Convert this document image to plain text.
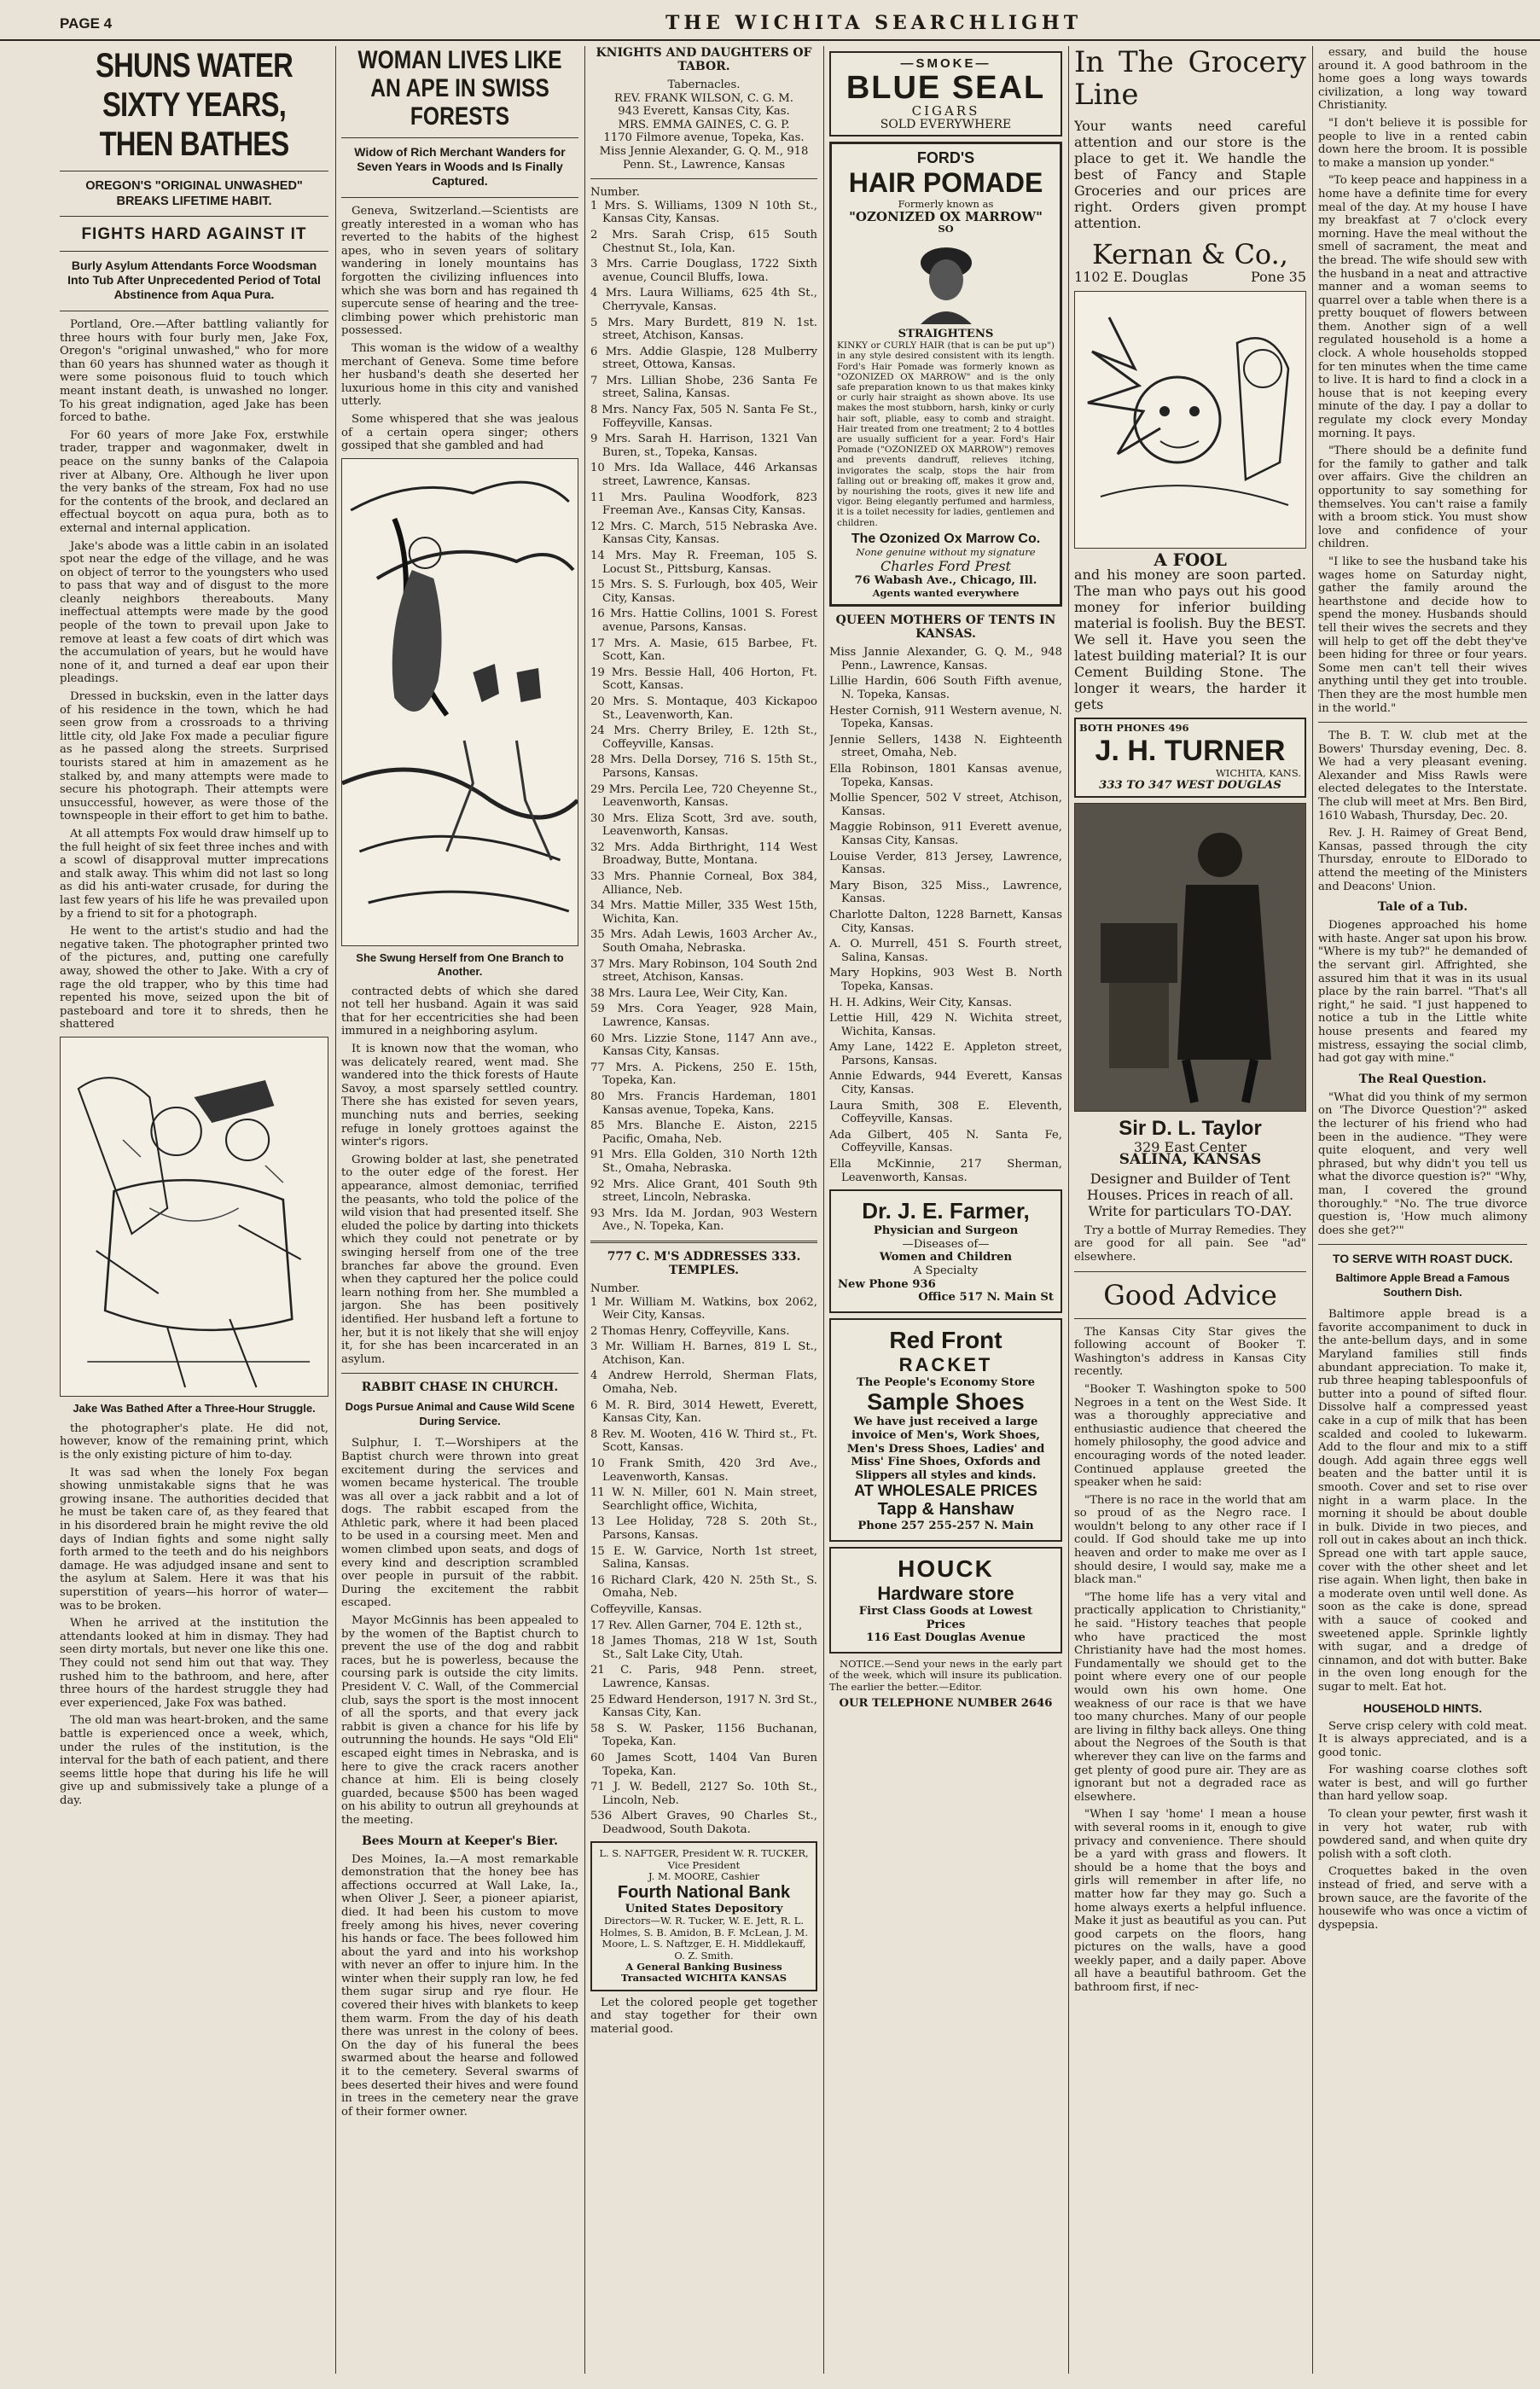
PAGE 4	THE WICHITA SEARCHLIGHT
SHUNS WATER SIXTY YEARS, THEN BATHES
OREGON'S "ORIGINAL UNWASHED" BREAKS LIFETIME HABIT.
FIGHTS HARD AGAINST IT
Burly Asylum Attendants Force Woodsman Into Tub After Unprecedented Period of Total Abstinence from Aqua Pura.

Portland, Ore.—After battling valiantly for three hours with four burly men, Jake Fox, Oregon's "original unwashed," who for more than 60 years has shunned water as though it were some poisonous fluid to touch which meant instant death, is unwashed no longer. To his great indignation, aged Jake has been forced to bathe.

For 60 years of more Jake Fox, erstwhile trader, trapper and wagonmaker, dwelt in peace on the sunny banks of the Calapoia river at Albany, Ore. Although he liver upon the very banks of the stream, Fox had no use for the contents of the brook, and declared an effectual boycott on aqua pura, both as to external and internal application.

Jake's abode was a little cabin in an isolated spot near the edge of the village, and he was on object of terror to the youngsters who used to pass that way and of disgust to the more cleanly neighbors thereabouts. Many ineffectual attempts were made by the good people of the town to prevail upon Jake to remove at least a few coats of dirt which was the accumulation of years, but he would have none of it, and turned a deaf ear upon their pleadings.

Dressed in buckskin, even in the latter days of his residence in the town, which he had seen grow from a crossroads to a thriving little city, old Jake Fox made a peculiar figure as he passed along the streets. Surprised tourists stared at him in amazement as he stalked by, and many attempts were made to secure his photograph. Their attempts were unsuccessful, however, as were those of the townspeople in their effort to get him to bathe.

At all attempts Fox would draw himself up to the full height of six feet three inches and with a scowl of disapproval mutter imprecations and stalk away. This whim did not last so long as did his anti-water crusade, for during the last few years of his life he was prevailed upon by a friend to sit for a photograph.

He went to the artist's studio and had the negative taken. The photographer printed two of the pictures, and, putting one carefully away, showed the other to Jake. With a cry of rage the old trapper, who by this time had repented his move, seized upon the bit of pasteboard and tore it to shreds, then he shattered

Jake Was Bathed After a Three-Hour Struggle.

the photographer's plate. He did not, however, know of the remaining print, which is the only existing picture of him to-day.

It was sad when the lonely Fox began showing unmistakable signs that he was growing insane. The authorities decided that he must be taken care of, as they feared that in his disordered brain he might revive the old days of Indian fights and some night sally forth armed to the teeth and do his neighbors damage. He was adjudged insane and sent to the asylum at Salem. Here it was that his superstition of years—his horror of water—was to be broken.

When he arrived at the institution the attendants looked at him in dismay. They had seen dirty mortals, but never one like this one. They could not send him out that way. They rushed him to the bathroom, and here, after three hours of the hardest struggle they had ever experienced, Jake Fox was bathed.

The old man was heart-broken, and the same battle is experienced once a week, which, under the rules of the institution, is the interval for the bath of each patient, and there seems little hope that during his life he will give up and submissively take a plunge of a day.

WOMAN LIVES LIKE AN APE IN SWISS FORESTS
Widow of Rich Merchant Wanders for Seven Years in Woods and Is Finally Captured.

Geneva, Switzerland.—Scientists are greatly interested in a woman who has reverted to the habits of the highest apes, who in seven years of solitary wandering in lonely mountains has forgotten the civilizing influences into which she was born and has regained th supercute sense of hearing and the tree-climbing power which prehistoric man possessed.

This woman is the widow of a wealthy merchant of Geneva. Some time before her husband's death she deserted her luxurious home in this city and vanished utterly.

Some whispered that she was jealous of a certain opera singer; others gossiped that she gambled and had

She Swung Herself from One Branch to Another.

contracted debts of which she dared not tell her husband. Again it was said that for her eccentricities she had been immured in a neighboring asylum.

It is known now that the woman, who was delicately reared, went mad. She wandered into the thick forests of Haute Savoy, a most sparsely settled country. There she has existed for seven years, munching nuts and berries, seeking refuge in lonely grottoes against the winter's rigors.

Growing bolder at last, she penetrated to the outer edge of the forest. Her appearance, almost demoniac, terrified the peasants, who told the police of the wild vision that had presented itself. She eluded the police by darting into thickets which they could not penetrate or by swinging herself from one of the tree branches far above the ground. Even when they captured her the police could learn nothing from her. She mumbled a jargon. She has been positively identified. Her husband left a fortune to her, but it is not likely that she will enjoy it, for she has been incarcerated in an asylum.

RABBIT CHASE IN CHURCH.
Dogs Pursue Animal and Cause Wild Scene During Service.

Sulphur, I. T.—Worshipers at the Baptist church were thrown into great excitement during the services and women became hysterical. The trouble was all over a jack rabbit and a lot of dogs. The rabbit escaped from the Athletic park, where it had been placed to be used in a coursing meet. Men and women climbed upon seats, and dogs of every kind and description scrambled over people in pursuit of the rabbit. During the excitement the rabbit escaped.

Mayor McGinnis has been appealed to by the women of the Baptist church to prevent the use of the dog and rabbit races, but he is powerless, because the coursing park is outside the city limits. President V. C. Wall, of the Commercial club, says the sport is the most innocent of all the sports, and that every jack rabbit is given a chance for his life by outrunning the hounds. He says "Old Eli" escaped eight times in Nebraska, and is here to give the crack racers another chance at him. Eli is being closely guarded, because $500 has been waged on his ability to outrun all greyhounds at the meeting.

Bees Mourn at Keeper's Bier.

Des Moines, Ia.—A most remarkable demonstration that the honey bee has affections occurred at Wall Lake, Ia., when Oliver J. Seer, a pioneer apiarist, died. It had been his custom to move freely among his hives, never covering his hands or face. The bees followed him about the yard and into his workshop with never an offer to injure him. In the winter when their supply ran low, he fed them sugar sirup and rye flour. He covered their hives with blankets to keep them warm. From the day of his death there was unrest in the colony of bees. On the day of his funeral the bees swarmed about the hearse and followed it to the cemetery. Several swarms of bees deserted their hives and were found in trees in the cemetery near the grave of their former owner.

KNIGHTS AND DAUGHTERS OF TABOR.
Tabernacles.
REV. FRANK WILSON, C. G. M.
943 Everett, Kansas City, Kas.
MRS. EMMA GAINES, C. G. P.
1170 Filmore avenue, Topeka, Kas.
Miss Jennie Alexander, G. Q. M., 918 Penn. St., Lawrence, Kansas
Number.
1 Mrs. S. Williams, 1309 N 10th St., Kansas City, Kansas.
2 Mrs. Sarah Crisp, 615 South Chestnut St., Iola, Kan.
3 Mrs. Carrie Douglass, 1722 Sixth avenue, Council Bluffs, Iowa.
4 Mrs. Laura Williams, 625 4th St., Cherryvale, Kansas.
5 Mrs. Mary Burdett, 819 N. 1st. street, Atchison, Kansas.
6 Mrs. Addie Glaspie, 128 Mulberry street, Ottowa, Kansas.
7 Mrs. Lillian Shobe, 236 Santa Fe street, Salina, Kansas.
8 Mrs. Nancy Fax, 505 N. Santa Fe St., Foffeyville, Kansas.
9 Mrs. Sarah H. Harrison, 1321 Van Buren, st., Topeka, Kansas.
10 Mrs. Ida Wallace, 446 Arkansas street, Lawrence, Kansas.
11 Mrs. Paulina Woodfork, 823 Freeman Ave., Kansas City, Kansas.
12 Mrs. C. March, 515 Nebraska Ave. Kansas City, Kansas.
14 Mrs. May R. Freeman, 105 S. Locust St., Pittsburg, Kansas.
15 Mrs. S. S. Furlough, box 405, Weir City, Kansas.
16 Mrs. Hattie Collins, 1001 S. Forest avenue, Parsons, Kansas.
17 Mrs. A. Masie, 615 Barbee, Ft. Scott, Kan.
19 Mrs. Bessie Hall, 406 Horton, Ft. Scott, Kansas.
20 Mrs. S. Montaque, 403 Kickapoo St., Leavenworth, Kan.
24 Mrs. Cherry Briley, E. 12th St., Coffeyville, Kansas.
28 Mrs. Della Dorsey, 716 S. 15th St., Parsons, Kansas.
29 Mrs. Percila Lee, 720 Cheyenne St., Leavenworth, Kansas.
30 Mrs. Eliza Scott, 3rd ave. south, Leavenworth, Kansas.
32 Mrs. Adda Birthright, 114 West Broadway, Butte, Montana.
33 Mrs. Phannie Corneal, Box 384, Alliance, Neb.
34 Mrs. Mattie Miller, 335 West 15th, Wichita, Kan.
35 Mrs. Adah Lewis, 1603 Archer Av., South Omaha, Nebraska.
37 Mrs. Mary Robinson, 104 South 2nd street, Atchison, Kansas.
38 Mrs. Laura Lee, Weir City, Kan.
59 Mrs. Cora Yeager, 928 Main, Lawrence, Kansas.
60 Mrs. Lizzie Stone, 1147 Ann ave., Kansas City, Kansas.
77 Mrs. A. Pickens, 250 E. 15th, Topeka, Kan.
80 Mrs. Francis Hardeman, 1801 Kansas avenue, Topeka, Kans.
85 Mrs. Blanche E. Aiston, 2215 Pacific, Omaha, Neb.
91 Mrs. Ella Golden, 310 North 12th St., Omaha, Nebraska.
92 Mrs. Alice Grant, 401 South 9th street, Lincoln, Nebraska.
93 Mrs. Ida M. Jordan, 903 Western Ave., N. Topeka, Kan.
777 C. M'S ADDRESSES 333. TEMPLES.
Number.
1 Mr. William M. Watkins, box 2062, Weir City, Kansas.
2 Thomas Henry, Coffeyville, Kans.
3 Mr. William H. Barnes, 819 L St., Atchison, Kan.
4 Andrew Herrold, Sherman Flats, Omaha, Neb.
6 M. R. Bird, 3014 Hewett, Everett, Kansas City, Kan.
8 Rev. M. Wooten, 416 W. Third st., Ft. Scott, Kansas.
10 Frank Smith, 420 3rd Ave., Leavenworth, Kansas.
11 W. N. Miller, 601 N. Main street, Searchlight office, Wichita,
13 Lee Holiday, 728 S. 20th St., Parsons, Kansas.
15 E. W. Garvice, North 1st street, Salina, Kansas.
16 Richard Clark, 420 N. 25th St., S. Omaha, Neb.
Coffeyville, Kansas.
17 Rev. Allen Garner, 704 E. 12th st.,
18 James Thomas, 218 W 1st, South St., Salt Lake City, Utah.
21 C. Paris, 948 Penn. street, Lawrence, Kansas.
25 Edward Henderson, 1917 N. 3rd St., Kansas City, Kan.
58 S. W. Pasker, 1156 Buchanan, Topeka, Kan.
60 James Scott, 1404 Van Buren Topeka, Kan.
71 J. W. Bedell, 2127 So. 10th St., Lincoln, Neb.
536 Albert Graves, 90 Charles St., Deadwood, South Dakota.
L. S. NAFTGER, President W. R. TUCKER, Vice President
J. M. MOORE, Cashier
Fourth National Bank
United States Depository
Directors—W. R. Tucker, W. E. Jett, R. L. Holmes, S. B. Amidon, B. F. McLean, J. M. Moore, L. S. Naftzger, E. H. Middlekauff, O. Z. Smith.
A General Banking Business Transacted WICHITA KANSAS

Let the colored people get together and stay together for their own material good.

—SMOKE—
BLUE SEAL
CIGARS
SOLD EVERYWHERE
FORD'S
HAIR POMADE
Formerly known as
"OZONIZED OX MARROW"
SO
STRAIGHTENS
KINKY or CURLY HAIR (that is can be put up") in any style desired consistent with its length. Ford's Hair Pomade was formerly known as "OZONIZED OX MARROW" and is the only safe preparation known to us that makes kinky or curly hair straight as shown above. Its use makes the most stubborn, harsh, kinky or curly hair soft, pliable, easy to comb and straight. Hair treated from one treatment; 2 to 4 bottles are usually sufficient for a year. Ford's Hair Pomade ("OZONIZED OX MARROW") removes and prevents dandruff, relieves itching, invigorates the scalp, stops the hair from falling out or breaking off, makes it grow and, by nourishing the roots, gives it new life and vigor. Being elegantly perfumed and harmless, it is a toilet necessity for ladies, gentlemen and children.
The Ozonized Ox Marrow Co.
None genuine without my signature
Charles Ford Prest
76 Wabash Ave., Chicago, Ill.
Agents wanted everywhere
QUEEN MOTHERS OF TENTS IN KANSAS.
Miss Jannie Alexander, G. Q. M., 948 Penn., Lawrence, Kansas.
Lillie Hardin, 606 South Fifth avenue, N. Topeka, Kansas.
Hester Cornish, 911 Western avenue, N. Topeka, Kansas.
Jennie Sellers, 1438 N. Eighteenth street, Omaha, Neb.
Ella Robinson, 1801 Kansas avenue, Topeka, Kansas.
Mollie Spencer, 502 V street, Atchison, Kansas.
Maggie Robinson, 911 Everett avenue, Kansas City, Kansas.
Louise Verder, 813 Jersey, Lawrence, Kansas.
Mary Bison, 325 Miss., Lawrence, Kansas.
Charlotte Dalton, 1228 Barnett, Kansas City, Kansas.
A. O. Murrell, 451 S. Fourth street, Salina, Kansas.
Mary Hopkins, 903 West B. North Topeka, Kansas.
H. H. Adkins, Weir City, Kansas.
Lettie Hill, 429 N. Wichita street, Wichita, Kansas.
Amy Lane, 1422 E. Appleton street, Parsons, Kansas.
Annie Edwards, 944 Everett, Kansas City, Kansas.
Laura Smith, 308 E. Eleventh, Coffeyville, Kansas.
Ada Gilbert, 405 N. Santa Fe, Coffeyville, Kansas.
Ella McKinnie, 217 Sherman, Leavenworth, Kansas.
Dr. J. E. Farmer,
Physician and Surgeon
—Diseases of—
Women and Children
A Specialty
New Phone 936
Office 517 N. Main St
Red Front
RACKET
The People's Economy Store
Sample Shoes
We have just received a large invoice of Men's, Work Shoes, Men's Dress Shoes, Ladies' and Miss' Fine Shoes, Oxfords and Slippers all styles and kinds.
AT WHOLESALE PRICES
Tapp & Hanshaw
Phone 257 255-257 N. Main
HOUCK
Hardware store
First Class Goods at Lowest Prices
116 East Douglas Avenue

NOTICE.—Send your news in the early part of the week, which will insure its publication. The earlier the better.—Editor.

OUR TELEPHONE NUMBER 2646
In The Grocery Line
Your wants need careful attention and our store is the place to get it. We handle the best of Fancy and Staple Groceries and our prices are right. Orders given prompt attention.
Kernan & Co.,
1102 E. Douglas	Pone 35
A FOOL
and his money are soon parted. The man who pays out his good money for inferior building material is foolish. Buy the BEST. We sell it. Have you seen the latest building material? It is our Cement Building Stone. The longer it wears, the harder it gets
BOTH PHONES 496
J. H. TURNER
WICHITA, KANS.
333 TO 347 WEST DOUGLAS
Sir D. L. Taylor
329 East Center
SALINA, KANSAS
Designer and Builder of Tent Houses. Prices in reach of all. Write for particulars TO-DAY.

Try a bottle of Murray Remedies. They are good for all pain. See "ad" elsewhere.

Good Advice

The Kansas City Star gives the following account of Booker T. Washington's address in Kansas City recently.

"Booker T. Washington spoke to 500 Negroes in a tent on the West Side. It was a thoroughly appreciative and enthusiastic audience that cheered the homely philosophy, the good advice and encouraging words of the noted leader. Continued applause greeted the speaker when he said:

"There is no race in the world that am so proud of as the Negro race. I wouldn't belong to any other race if I could. If God should take me up into heaven and order to make me over as I should desire, I would say, make me a black man."

"The home life has a very vital and practically application to Christianity," he said. "History teaches that people who have practiced the most Christianity have had the most homes. Fundamentally we should get to the point where every one of our people would own his own home. One weakness of our race is that we have too many churches. Many of our people are living in filthy back alleys. One thing about the Negroes of the South is that wherever they can live on the farms and get plenty of good pure air. They are as ignorant but not a degraded race as elsewhere.

"When I say 'home' I mean a house with several rooms in it, enough to give privacy and convenience. There should be a yard with grass and flowers. It should be a home that the boys and girls will remember in after life, no matter how far they may go. Such a home always exerts a helpful influence. Make it just as beautiful as you can. Put good carpets on the floors, hang pictures on the walls, have a good weekly paper, and a daily paper. Above all have a beautiful bathroom. Get the bathroom first, if nec-

essary, and build the house around it. A good bathroom in the home goes a long ways towards civilization, a long way toward Christianity.

"I don't believe it is possible for people to live in a rented cabin down here the broom. It is possible to make a mansion up yonder."

"To keep peace and happiness in a home have a definite time for every meal of the day. At my house I have my breakfast at 7 o'clock every morning. Have the meal without the smell of sacrament, the meat and the bread. The wife should sew with the husband in a neat and attractive manner and a woman seems to quarrel over a table when there is a pretty bouquet of flowers between them. Another sign of a well regulated household is a home a clock. A whole households stopped for ten minutes when the time came to live. It is hard to find a clock in a house that is not keeping every minute of the day. I pay a dollar to regulate my clock every Monday morning. It pays.

"There should be a definite fund for the family to gather and talk over affairs. Give the children an opportunity to say something for themselves. You can't raise a family with a broom stick. You must show love and confidence of your children.

"I like to see the husband take his wages home on Saturday night, gather the family around the hearthstone and decide how to spend the money. Husbands should tell their wives the secrets and they will help to get off the debt they've been hiding for three or four years. Some men can't tell their wives anything until they get into trouble. Then they are the most humble men in the world."

The B. T. W. club met at the Bowers' Thursday evening, Dec. 8. We had a very pleasant evening. Alexander and Miss Rawls were elected delegates to the Interstate. The club will meet at Mrs. Ben Bird, 1610 Wabash, Thursday, Dec. 20.

Rev. J. H. Raimey of Great Bend, Kansas, passed through the city Thursday, enroute to ElDorado to attend the meeting of the Ministers and Deacons' Union.

Tale of a Tub.

Diogenes approached his home with haste. Anger sat upon his brow. "Where is my tub?" he demanded of the servant girl. Affrighted, she assured him that it was in its usual place by the rain barrel. "That's all right," he said. "I just happened to notice a tub in the Little white house presents and feared my mistress, essaying the social climb, had got gay with mine."

The Real Question.

"What did you think of my sermon on 'The Divorce Question'?" asked the lecturer of his friend who had been in the audience. "They were quite eloquent, and very well phrased, but why didn't you tell us what the divorce question is?" "Why, man, I covered the ground thoroughly." "No. The true divorce question is, 'How much alimony does she get?'"

TO SERVE WITH ROAST DUCK.
Baltimore Apple Bread a Famous Southern Dish.

Baltimore apple bread is a favorite accompaniment to duck in the ante-bellum days, and in some Maryland families still finds abundant appreciation. To make it, rub three heaping tablespoonfuls of butter into a pound of sifted flour. Dissolve half a compressed yeast cake in a cup of milk that has been scalded and cooled to lukewarm. Add to the flour and mix to a stiff dough. Add again three eggs well beaten and the batter until it is smooth. Cover and set to rise over night in a warm place. In the morning it should be about double in bulk. Divide in two pieces, and roll out in cakes about an inch thick. Spread one with tart apple sauce, cover with the other sheet and let rise again. When light, then bake in a moderate oven until well done. As soon as the cake is done, spread with a sauce of cooked and sweetened apple. Sprinkle lightly with sugar, and a dredge of cinnamon, and dot with butter. Bake in the oven long enough for the sugar to melt. Eat hot.

HOUSEHOLD HINTS.

Serve crisp celery with cold meat. It is always appreciated, and is a good tonic.

For washing coarse clothes soft water is best, and will go further than hard yellow soap.

To clean your pewter, first wash it in very hot water, rub with powdered sand, and when quite dry polish with a soft cloth.

Croquettes baked in the oven instead of fried, and serve with a brown sauce, are the favorite of the housewife who was once a victim of dyspepsia.
